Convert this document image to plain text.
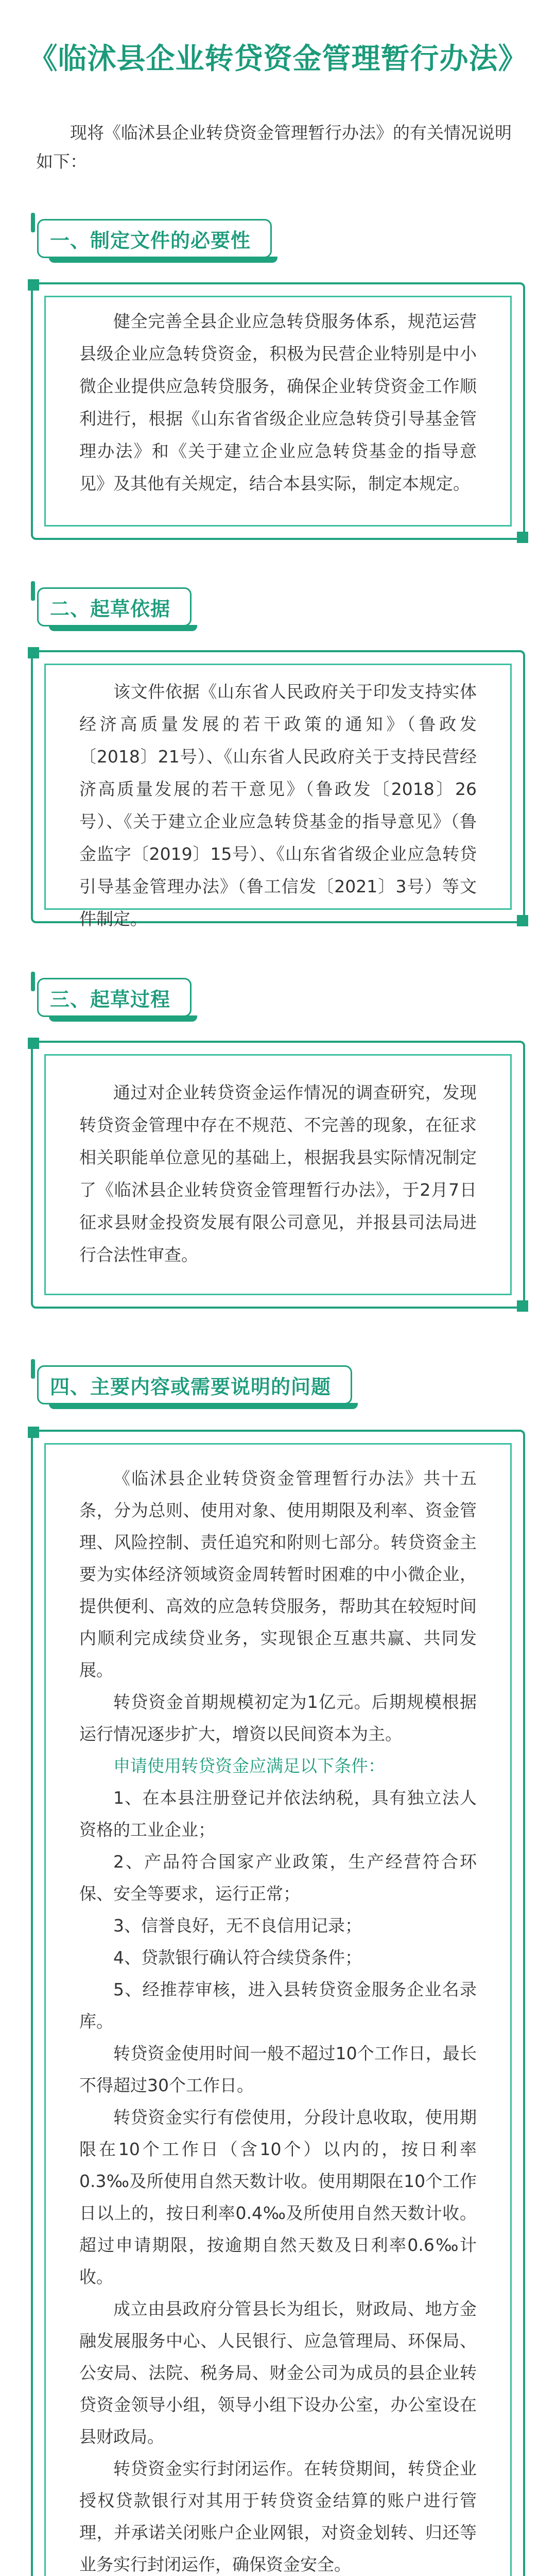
《临沭县企业转贷资金管理暂行办法》
现将《临沭县企业转贷资金管理暂行办法》的有关情况说明如下：
一、制定文件的必要性

健全完善全县企业应急转贷服务体系，规范运营县级企业应急转贷资金，积极为民营企业特别是中小微企业提供应急转贷服务，确保企业转贷资金工作顺利进行，根据《山东省省级企业应急转贷引导基金管理办法》和《关于建立企业应急转贷基金的指导意见》及其他有关规定，结合本县实际，制定本规定。

二、起草依据

该文件依据《山东省人民政府关于印发支持实体经济高质量发展的若干政策的通知》（鲁政发〔2018〕21号）、《山东省人民政府关于支持民营经济高质量发展的若干意见》（鲁政发〔2018〕26号）、《关于建立企业应急转贷基金的指导意见》（鲁金监字〔2019〕15号）、《山东省省级企业应急转贷引导基金管理办法》（鲁工信发〔2021〕3号）等文件制定。

三、起草过程

通过对企业转贷资金运作情况的调查研究，发现转贷资金管理中存在不规范、不完善的现象，在征求相关职能单位意见的基础上，根据我县实际情况制定了《临沭县企业转贷资金管理暂行办法》，于2月7日征求县财金投资发展有限公司意见，并报县司法局进行合法性审查。

四、主要内容或需要说明的问题

《临沭县企业转贷资金管理暂行办法》共十五条，分为总则、使用对象、使用期限及利率、资金管理、风险控制、责任追究和附则七部分。转贷资金主要为实体经济领域资金周转暂时困难的中小微企业，提供便利、高效的应急转贷服务，帮助其在较短时间内顺利完成续贷业务，实现银企互惠共赢、共同发展。

转贷资金首期规模初定为1亿元。后期规模根据运行情况逐步扩大，增资以民间资本为主。

申请使用转贷资金应满足以下条件：

1、在本县注册登记并依法纳税，具有独立法人资格的工业企业；

2、产品符合国家产业政策，生产经营符合环保、安全等要求，运行正常；

3、信誉良好，无不良信用记录；

4、贷款银行确认符合续贷条件；

5、经推荐审核，进入县转贷资金服务企业名录库。

转贷资金使用时间一般不超过10个工作日，最长不得超过30个工作日。

转贷资金实行有偿使用，分段计息收取，使用期限在10个工作日（含10个）以内的，按日利率0.3‰及所使用自然天数计收。使用期限在10个工作日以上的，按日利率0.4‰及所使用自然天数计收。超过申请期限，按逾期自然天数及日利率0.6‰计收。

成立由县政府分管县长为组长，财政局、地方金融发展服务中心、人民银行、应急管理局、环保局、公安局、法院、税务局、财金公司为成员的县企业转贷资金领导小组，领导小组下设办公室，办公室设在县财政局。

转贷资金实行封闭运作。在转贷期间，转贷企业授权贷款银行对其用于转贷资金结算的账户进行管理，并承诺关闭账户企业网银，对资金划转、归还等业务实行封闭运作，确保资金安全。
